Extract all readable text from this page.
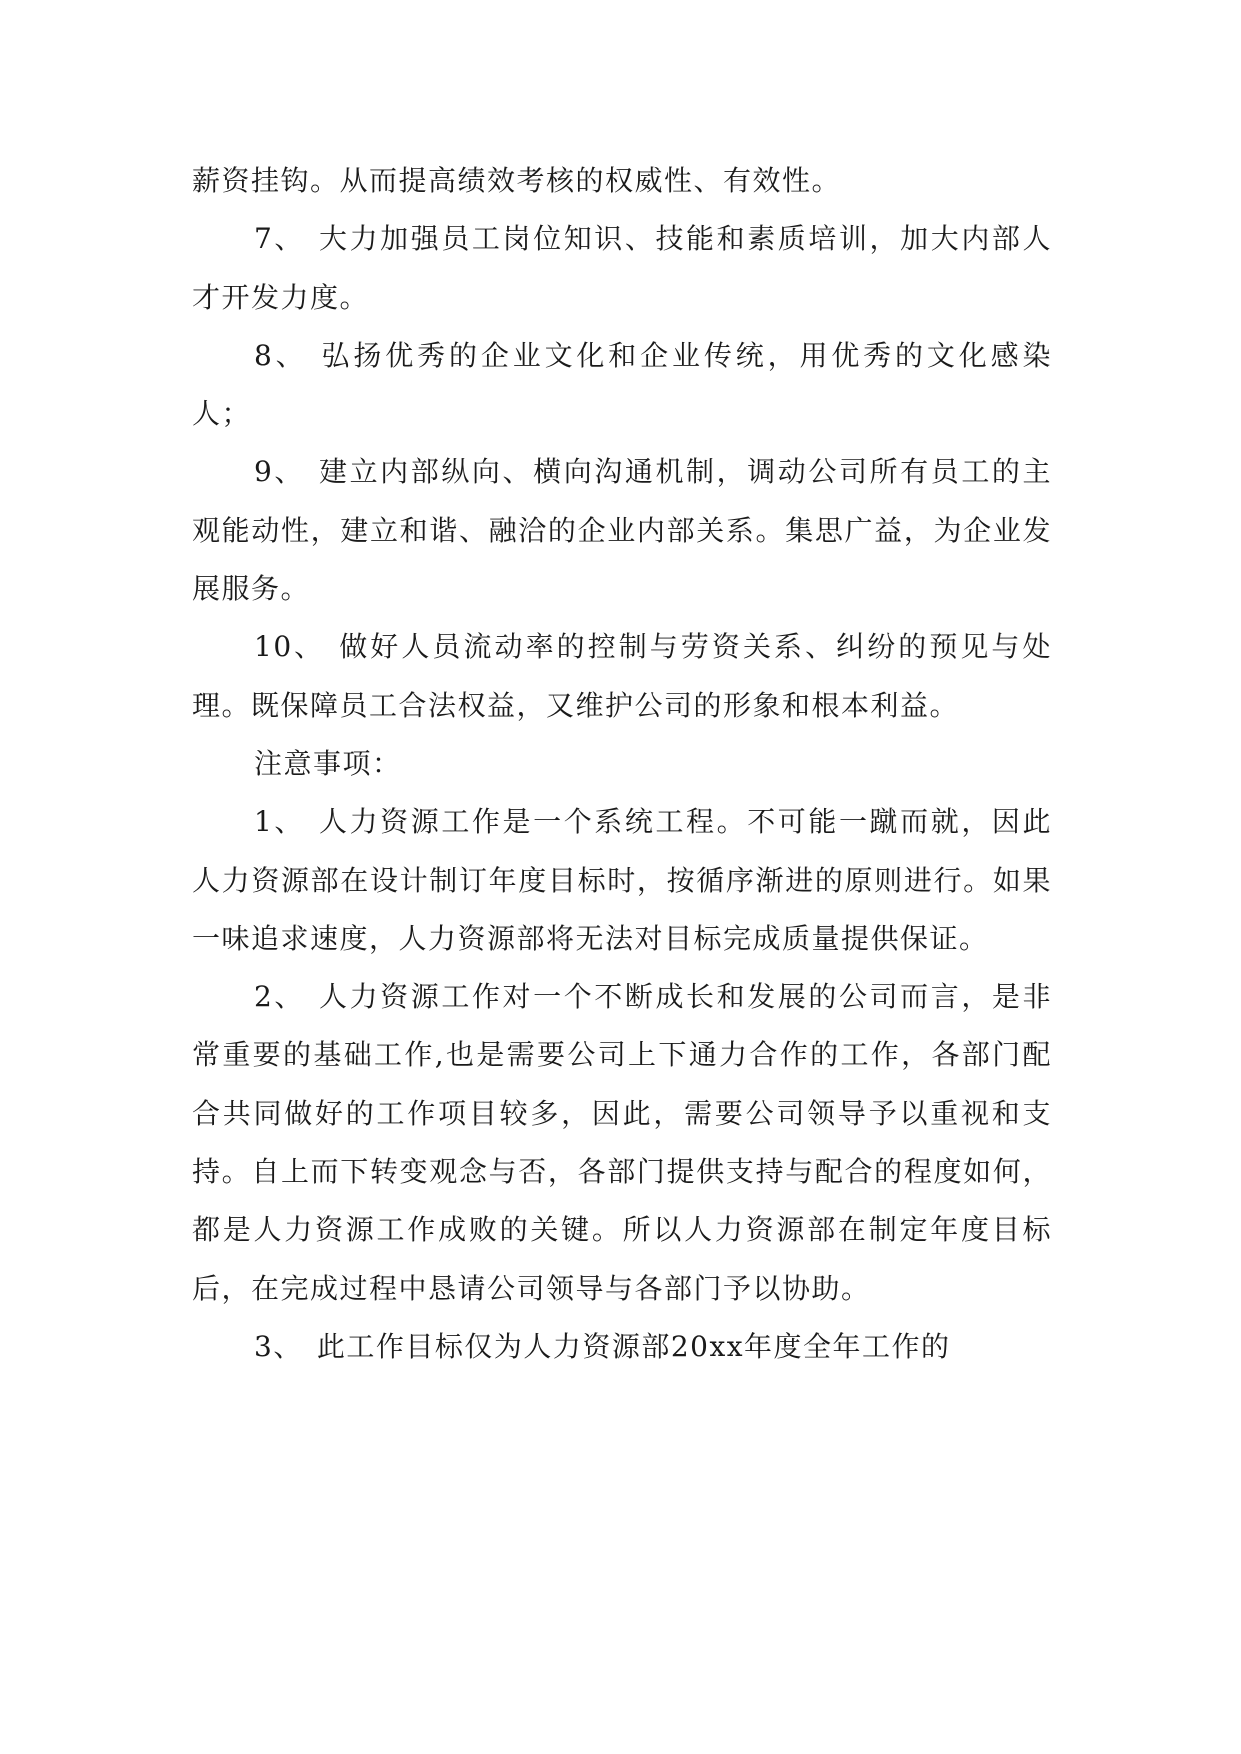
薪资挂钩。从而提高绩效考核的权威性、有效性。

7、 大力加强员工岗位知识、技能和素质培训，加大内部人才开发力度。

8、 弘扬优秀的企业文化和企业传统，用优秀的文化感染人；

9、 建立内部纵向、横向沟通机制，调动公司所有员工的主观能动性，建立和谐、融洽的企业内部关系。集思广益，为企业发展服务。

10、 做好人员流动率的控制与劳资关系、纠纷的预见与处理。既保障员工合法权益，又维护公司的形象和根本利益。

注意事项：

1、 人力资源工作是一个系统工程。不可能一蹴而就，因此人力资源部在设计制订年度目标时，按循序渐进的原则进行。如果一味追求速度，人力资源部将无法对目标完成质量提供保证。

2、 人力资源工作对一个不断成长和发展的公司而言，是非常重要的基础工作,也是需要公司上下通力合作的工作，各部门配合共同做好的工作项目较多，因此，需要公司领导予以重视和支持。自上而下转变观念与否，各部门提供支持与配合的程度如何，都是人力资源工作成败的关键。所以人力资源部在制定年度目标后，在完成过程中恳请公司领导与各部门予以协助。

3、 此工作目标仅为人力资源部20xx年度全年工作的
